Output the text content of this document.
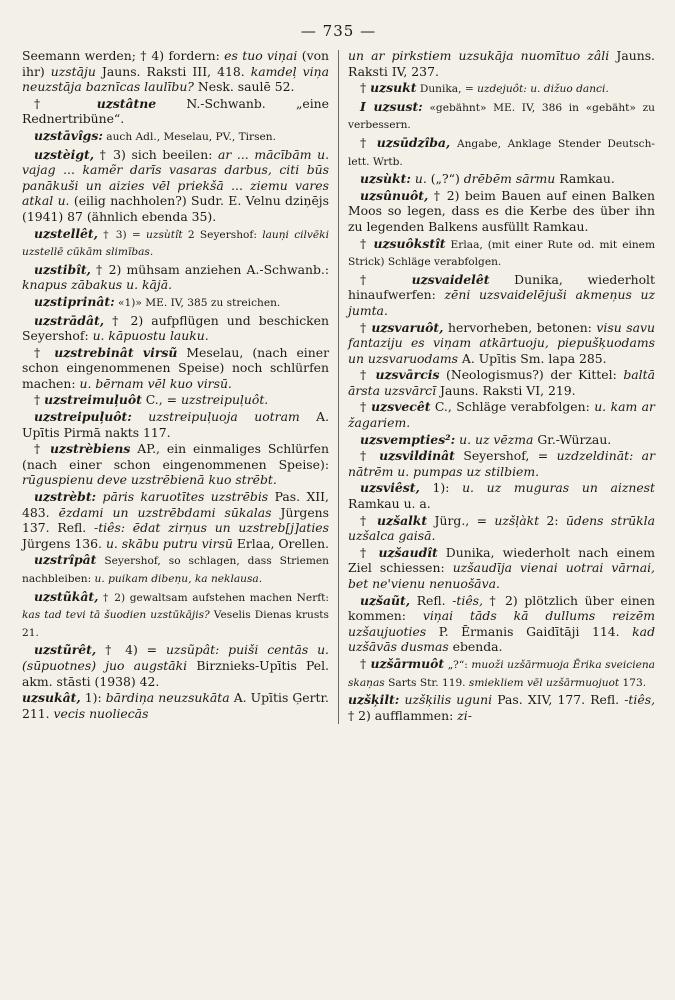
— 735 —

Seemann werden; † 4) fordern: es tuo viņai (von ihr) uzstāju Jauns. Raksti III, 418. kamdeļ viņa neuzstāja baznīcas laulību? Nesk. saulē 52.

† uzstâtne N.-Schwanb. „eine Rednertribüne“.

uzstāvîgs: auch Adl., Meselau, PV., Tirsen.

uzstèigt, † 3) sich beeilen: ar ... mācībām u. vajag ... kamẽr darīs vasaras darbus, citi būs panākuši un aizies vēl priekšā ... ziemu vares atkal u. (eilig nachholen?) Sudr. E. Velnu dziņējs (1941) 87 (ähnlich ebenda 35).

uzstellêt, † 3) = uzsùtît 2 Seyershof: lauņi cilvēki uzstellē cūkām slimības.

uzstibît, † 2) mühsam anziehen A.-Schwanb.: knapus zābakus u. kājā.

uzstiprinât: «1)» ME. IV, 385 zu streichen.

uzstrādât, † 2) aufpflügen und beschicken Seyershof: u. kāpuostu lauku.

† uzstrebinât virsũ Meselau, (nach einer schon eingenommenen Speise) noch schlürfen machen: u. bērnam vēl kuo virsū.

† uzstreimuļuôt C., = uzstreipuļuôt.

uzstreipuļuôt: uzstreipuļuoja uotram A. Upītis Pirmā nakts 117.

† uzstrèbiens AP., ein einmaliges Schlürfen (nach einer schon eingenommenen Speise): rūguspienu deve uzstrēbienā kuo strēbt.

uzstrèbt: pāris karuotītes uzstrēbis Pas. XII, 483. ēzdami un uzstrēbdami sūkalas Jürgens 137. Refl. -tiês: ēdat zirņus un uzstreb[j]aties Jürgens 136. u. skābu putru virsū Erlaa, Orellen.

uzstrîpât Seyershof, so schlagen, dass Striemen nachbleiben: u. puikam dibeņu, ka neklausa.

uzstũkât, † 2) gewaltsam aufstehen machen Nerft: kas tad tevi tā šuodien uzstūkājis? Veselis Dienas krusts 21.

uzstũrêt, † 4) = uzsũpât: puiši centās u. (sūpuotnes) juo augstāki Birznieks-Upītis Pel. akm. stāsti (1938) 42.

uzsukât, 1): bārdiņa neuzsukāta A. Upītis Ģertr. 211. vecis nuoliecās

un ar pirkstiem uzsukāja nuomītuo zâli Jauns. Raksti IV, 237.

† uzsukt Dunika, = uzdejuôt: u. dižuo danci.

I uzsust: «gebähnt» ME. IV, 386 in «gebäht» zu verbessern.

† uzsūdzîba, Angabe, Anklage Stender Deutsch-lett. Wrtb.

uzsùkt: u. („?“) drēbēm sārmu Ramkau.

uzsûnuôt, † 2) beim Bauen auf einen Balken Moos so legen, dass es die Kerbe des über ihn zu legenden Balkens ausfüllt Ramkau.

† uzsuôkstît Erlaa, (mit einer Rute od. mit einem Strick) Schläge verabfolgen.

† uzsvaidelêt Dunika, wiederholt hinaufwerfen: zēni uzsvaidelējuši akmeņus uz jumta.

† uzsvaruôt, hervorheben, betonen: visu savu fantaziju es viņam atkārtuoju, piepušķuodams un uzsvaruodams A. Upītis Sm. lapa 285.

† uzsvārcis (Neologismus?) der Kittel: baltā ārsta uzsvārcī Jauns. Raksti VI, 219.

† uzsvecêt C., Schläge verabfolgen: u. kam ar žagariem.

uzsvempties²: u. uz vēzma Gr.-Würzau.

† uzsvildinât Seyershof, = uzdzeldināt: ar nātrēm u. pumpas uz stilbiem.

uzsviêst, 1): u. uz muguras un aiznest Ramkau u. a.

† uzšalkt Jürg., = uzšļàkt 2: ūdens strūkla uzšalca gaisā.

† uzšaudît Dunika, wiederholt nach einem Ziel schiessen: uzšaudīja vienai uotrai vārnai, bet ne'vienu nenuošāva.

uzšaũt, Refl. -tiês, † 2) plötzlich über einen kommen: viņai tāds kā dullums reizēm uzšaujuoties P. Ērmanis Gaidītāji 114. kad uzšāvās dusmas ebenda.

† uzšārmuôt „?“: muoži uzšārmuoja Ērika sveiciena skaņas Sarts Str. 119. smiekliem vēl uzšārmuojuot 173.

uzšķilt: uzšķilis uguni Pas. XIV, 177. Refl. -tiês, † 2) aufflammen: zi-
